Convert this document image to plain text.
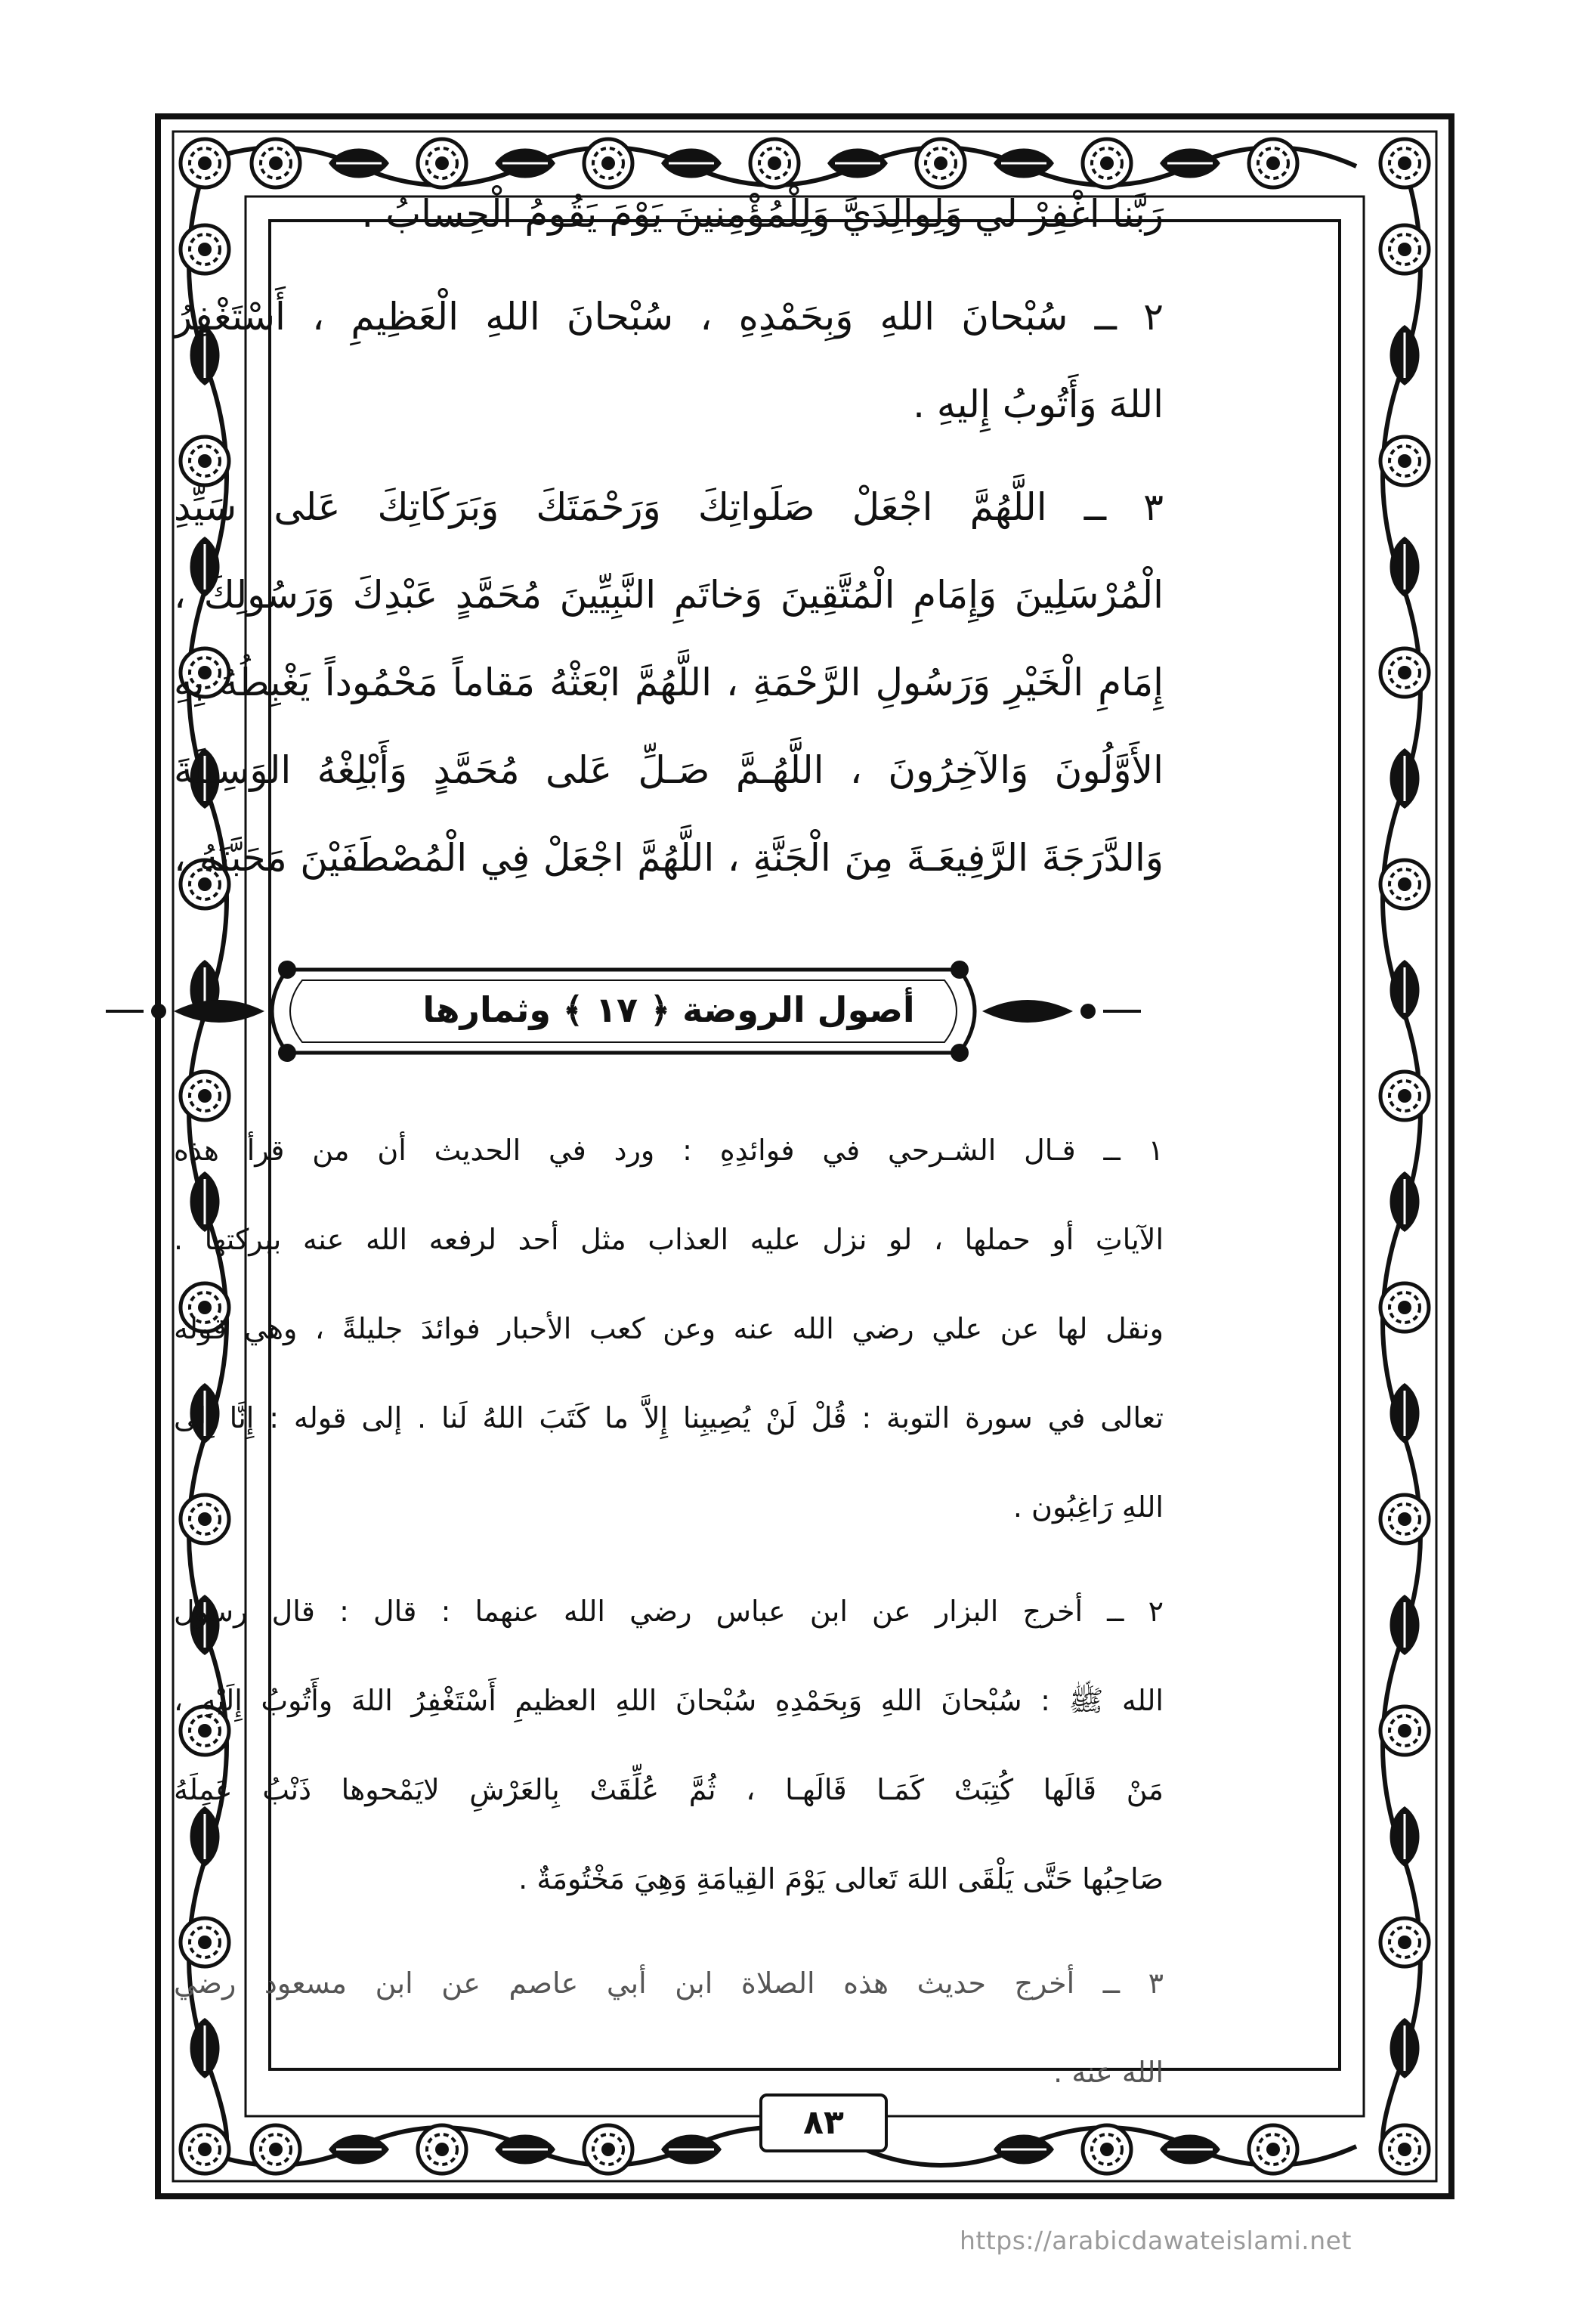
٨٣

رَبَّنا اغْفِرْ لي وَلِوالِدَيَّ وَلِلْمُؤْمِنينَ يَوْمَ يَقُومُ الْحِسابُ .

٢ ــ سُبْحانَ اللهِ وَبِحَمْدِهِ ، سُبْحانَ اللهِ الْعَظِيمِ ، أَسْتَغْفِرُ

اللهَ وَأَتُوبُ إِليهِ .

٣ ــ اللَّهُمَّ اجْعَلْ صَلَواتِكَ وَرَحْمَتَكَ وَبَرَكَاتِكَ عَلى سَيِّدِ

الْمُرْسَلِينَ وَإِمَامِ الْمُتَّقِينَ وَخاتَمِ النَّبِيِّينَ مُحَمَّدٍ عَبْدِكَ وَرَسُولِكَ ،

إِمَامِ الْخَيْرِ وَرَسُولِ الرَّحْمَةِ ، اللَّهُمَّ ابْعَثْهُ مَقاماً مَحْمُوداً يَغْبِطُهُ بِهِ

الأَوَّلُونَ وَالآخِرُونَ ، اللَّهُـمَّ صَـلِّ عَلى مُحَمَّدٍ وَأَبْلِغْهُ الوَسِيلَةَ

وَالدَّرَجَةَ الرَّفِيعَـةَ مِنَ الْجَنَّةِ ، اللَّهُمَّ اجْعَلْ فِي الْمُصْطَفَيْنَ مَحَبَّتَهُ ،

أصول الروضة ﴿ ١٧ ﴾ وثمارها

١ ــ قـال الشـرحي في فوائدِهِ : ورد في الحديث أن من قرأ هذه

الآياتِ أو حملها ، لو نزل عليه العذاب مثل أحد لرفعه الله عنه ببركتها .

ونقل لها عن علي رضي الله عنه وعن كعب الأحبار فوائدَ جليلةً ، وهي قوله

تعالى في سورة التوبة : قُلْ لَنْ يُصِيبِنا إِلاَّ ما كَتَبَ اللهُ لَنا . إلى قوله : إِنَّا إِلى

اللهِ رَاغِبُون .

٢ ــ أخرج البزار عن ابن عباس رضي الله عنهما : قال : قال رسول

الله ﷺ : سُبْحانَ اللهِ وَبِحَمْدِهِ سُبْحانَ اللهِ العظيمِ أَسْتَغْفِرُ اللهَ وأَتُوبُ إِلَيْهِ ،

مَنْ قَالَها كُتِبَتْ كَمَـا قَالَهـا ، ثُمَّ عُلِّقَتْ بِالعَرْشِ لايَمْحوها ذَنْبُ عَمِلَهُ

صَاحِبُها حَتَّى يَلْقَى اللهَ تَعالى يَوْمَ القِيامَةِ وَهِيَ مَخْتُومَةٌ .

٣ ــ أخرج حديث هذه الصلاة ابن أبي عاصم عن ابن مسعود رضي

الله عنه .

https://arabicdawateislami.net
